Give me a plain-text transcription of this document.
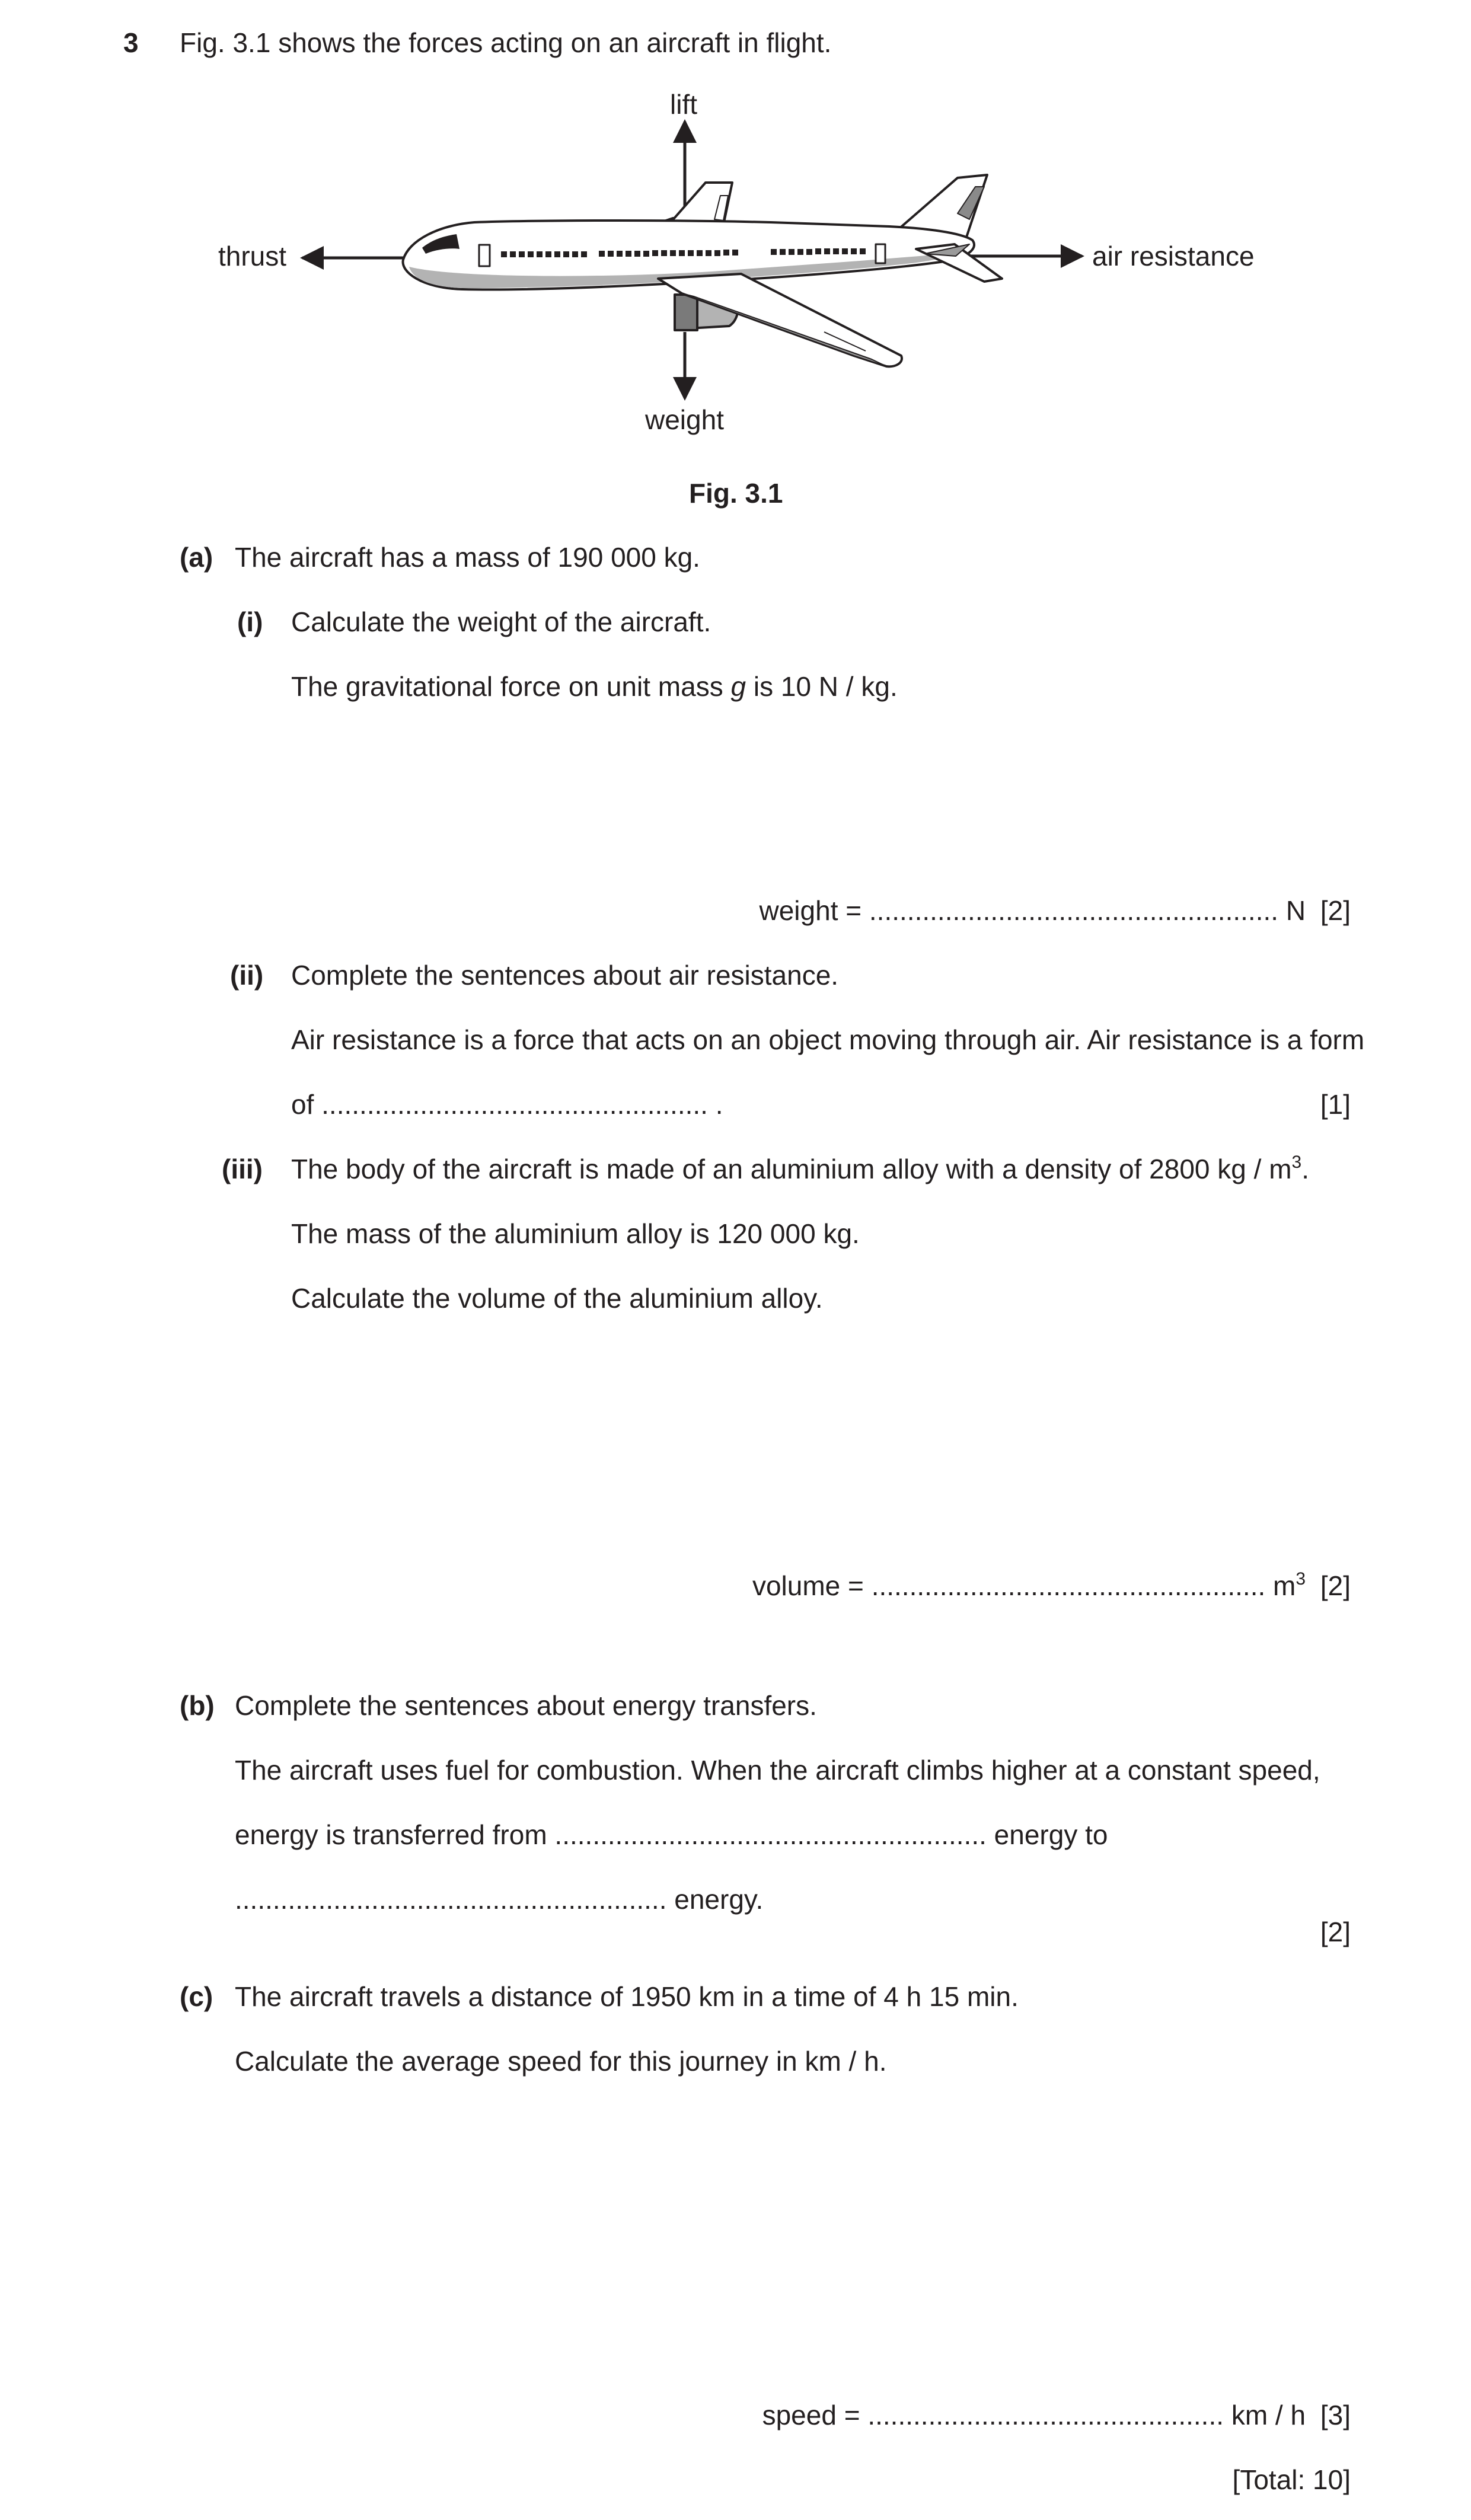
3 Fig. 3.1 shows the forces acting on an aircraft in flight.
lift
thrust	air resistance
weight
Fig. 3.1
(a) The aircraft has a mass of 190 000 kg.
(i) Calculate the weight of the aircraft.
The gravitational force on unit mass g is 10 N / kg.
weight = ...................................................... N [2]
(ii) Complete the sentences about air resistance.
Air resistance is a force that acts on an object moving through air. Air resistance is a form
of ................................................... .	[1]
(iii) The body of the aircraft is made of an aluminium alloy with a density of 2800 kg / $m^3$.
The mass of the aluminium alloy is 120 000 kg.
Calculate the volume of the aluminium alloy.
volume = .................................................... $m^3$ [2]
(b) Complete the sentences about energy transfers.
The aircraft uses fuel for combustion. When the aircraft climbs higher at a constant speed,
energy is transferred from ......................................................... energy to
......................................................... energy.
[2]
(c) The aircraft travels a distance of 1950 km in a time of 4 h 15 min.
Calculate the average speed for this journey in km / h.
speed = ............................................... km / h [3]
[Total: 10]
